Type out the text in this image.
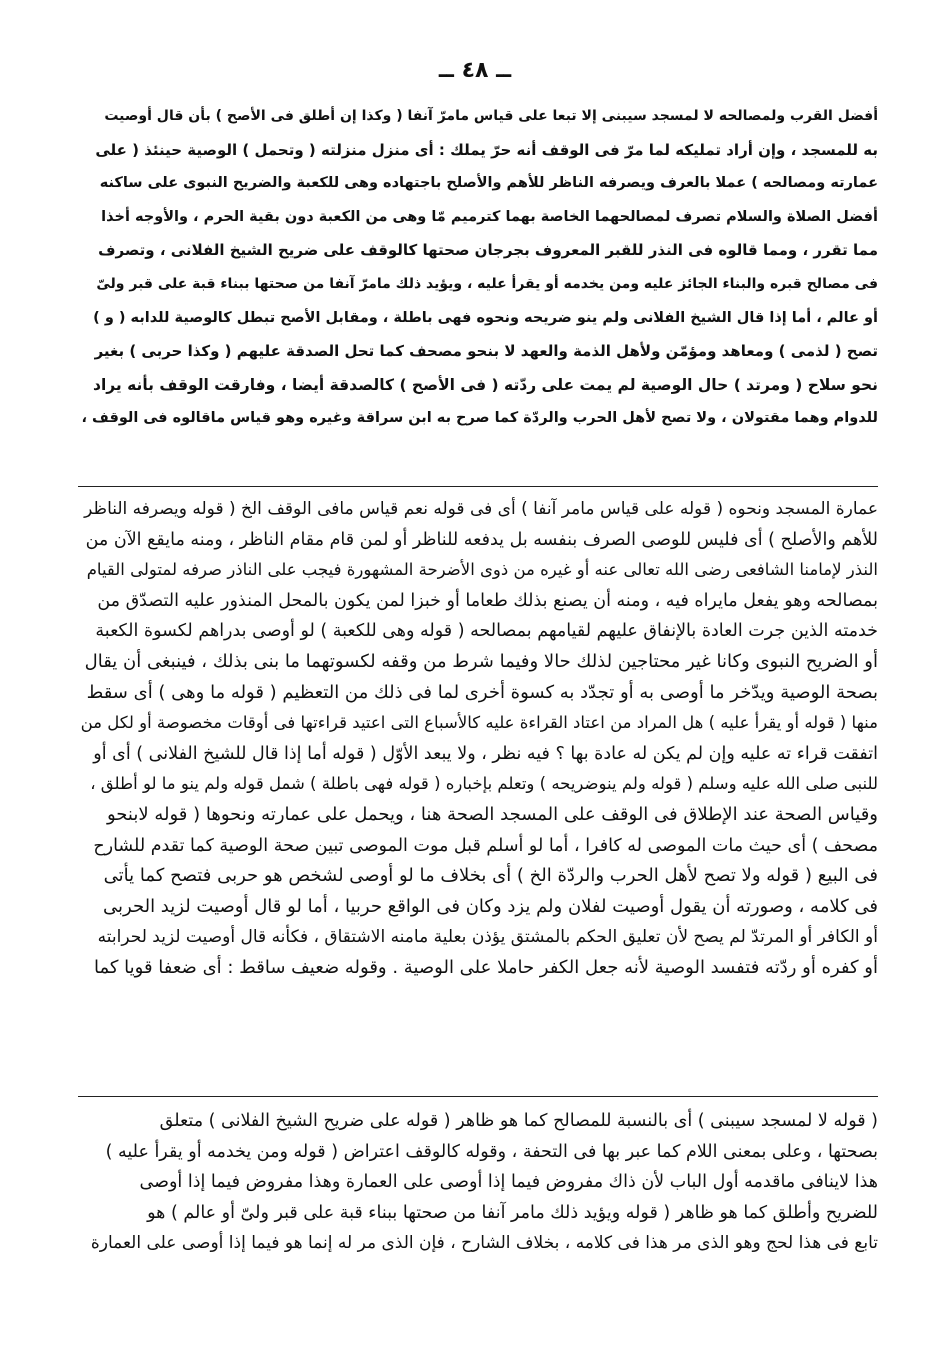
ــ ٤٨ ــ
أفضل القرب ولمصالحه لا لمسجد سيبنى إلا تبعا على قياس مامرّ آنفا ( وكذا إن أطلق فى الأصح ) بأن قال أوصيت
به للمسجد ، وإن أراد تمليكه لما مرّ فى الوقف أنه حرّ يملك : أى منزل منزلته ( وتحمل ) الوصية حينئذ ( على
عمارته ومصالحه ) عملا بالعرف ويصرفه الناظر للأهم والأصلح باجتهاده وهى للكعبة والضريح النبوى على ساكنه
أفضل الصلاة والسلام تصرف لمصالحهما الخاصة بهما كترميم مّا وهى من الكعبة دون بقية الحرم ، والأوجه أخذا
مما تقرر ، ومما قالوه فى النذر للقبر المعروف بجرجان صحتها كالوقف على ضريح الشيخ الفلانى ، وتصرف
فى مصالح قبره والبناء الجائز عليه ومن يخدمه أو يقرأ عليه ، ويؤيد ذلك مامرّ آنفا من صحتها ببناء قبة على قبر ولىّ
أو عالم ، أما إذا قال الشيخ الفلانى ولم ينو ضريحه ونحوه فهى باطلة ، ومقابل الأصح تبطل كالوصية للدابه ( و )
تصح ( لذمى ) ومعاهد ومؤمّن ولأهل الذمة والعهد لا بنحو مصحف كما تحل الصدقة عليهم ( وكذا حربى ) بغير
نحو سلاح ( ومرتد ) حال الوصية لم يمت على ردّته ( فى الأصح ) كالصدقة أيضا ، وفارقت الوقف بأنه يراد
للدوام وهما مقتولان ، ولا تصح لأهل الحرب والردّة كما صرح به ابن سراقة وغيره وهو قياس ماقالوه فى الوقف ،
عمارة المسجد ونحوه ( قوله على قياس مامر آنفا ) أى فى قوله نعم قياس مافى الوقف الخ ( قوله ويصرفه الناظر
للأهم والأصلح ) أى فليس للوصى الصرف بنفسه بل يدفعه للناظر أو لمن قام مقام الناظر ، ومنه مايقع الآن من
النذر لإمامنا الشافعى رضى الله تعالى عنه أو غيره من ذوى الأضرحة المشهورة فيجب على الناذر صرفه لمتولى القيام
بمصالحه وهو يفعل مايراه فيه ، ومنه أن يصنع بذلك طعاما أو خبزا لمن يكون بالمحل المنذور عليه التصدّق من
خدمته الذين جرت العادة بالإنفاق عليهم لقيامهم بمصالحه ( قوله وهى للكعبة ) لو أوصى بدراهم لكسوة الكعبة
أو الضريح النبوى وكانا غير محتاجين لذلك حالا وفيما شرط من وقفه لكسوتهما ما بنى بذلك ، فينبغى أن يقال
بصحة الوصية ويدّخر ما أوصى به أو تجدّد به كسوة أخرى لما فى ذلك من التعظيم ( قوله ما وهى ) أى سقط
منها ( قوله أو يقرأ عليه ) هل المراد من اعتاد القراءة عليه كالأسباع التى اعتيد قراءتها فى أوقات مخصوصة أو لكل من
اتفقت قراء ته عليه وإن لم يكن له عادة بها ؟ فيه نظر ، ولا يبعد الأوّل ( قوله أما إذا قال للشيخ الفلانى ) أى أو
للنبى صلى الله عليه وسلم ( قوله ولم ينوضريحه ) وتعلم بإخباره ( قوله فهى باطلة ) شمل قوله ولم ينو ما لو أطلق ،
وقياس الصحة عند الإطلاق فى الوقف على المسجد الصحة هنا ، ويحمل على عمارته ونحوها ( قوله لابنحو
مصحف ) أى حيث مات الموصى له كافرا ، أما لو أسلم قبل موت الموصى تبين صحة الوصية كما تقدم للشارح
فى البيع ( قوله ولا تصح لأهل الحرب والردّة الخ ) أى بخلاف ما لو أوصى لشخص هو حربى فتصح كما يأتى
فى كلامه ، وصورته أن يقول أوصيت لفلان ولم يزد وكان فى الواقع حربيا ، أما لو قال أوصيت لزيد الحربى
أو الكافر أو المرتدّ لم يصح لأن تعليق الحكم بالمشتق يؤذن بعلية مامنه الاشتقاق ، فكأنه قال أوصيت لزيد لحرابته
أو كفره أو ردّته فتفسد الوصية لأنه جعل الكفر حاملا على الوصية . وقوله ضعيف ساقط : أى ضعفا قويا كما
( قوله لا لمسجد سيبنى ) أى بالنسبة للمصالح كما هو ظاهر ( قوله على ضريح الشيخ الفلانى ) متعلق
بصحتها ، وعلى بمعنى اللام كما عبر بها فى التحفة ، وقوله كالوقف اعتراض ( قوله ومن يخدمه أو يقرأ عليه )
هذا لاينافى ماقدمه أول الباب لأن ذاك مفروض فيما إذا أوصى على العمارة وهذا مفروض فيما إذا أوصى
للضريح وأطلق كما هو ظاهر ( قوله ويؤيد ذلك مامر آنفا من صحتها ببناء قبة على قبر ولىّ أو عالم ) هو
تابع فى هذا لحج وهو الذى مر هذا فى كلامه ، بخلاف الشارح ، فإن الذى مر له إنما هو فيما إذا أوصى على العمارة
